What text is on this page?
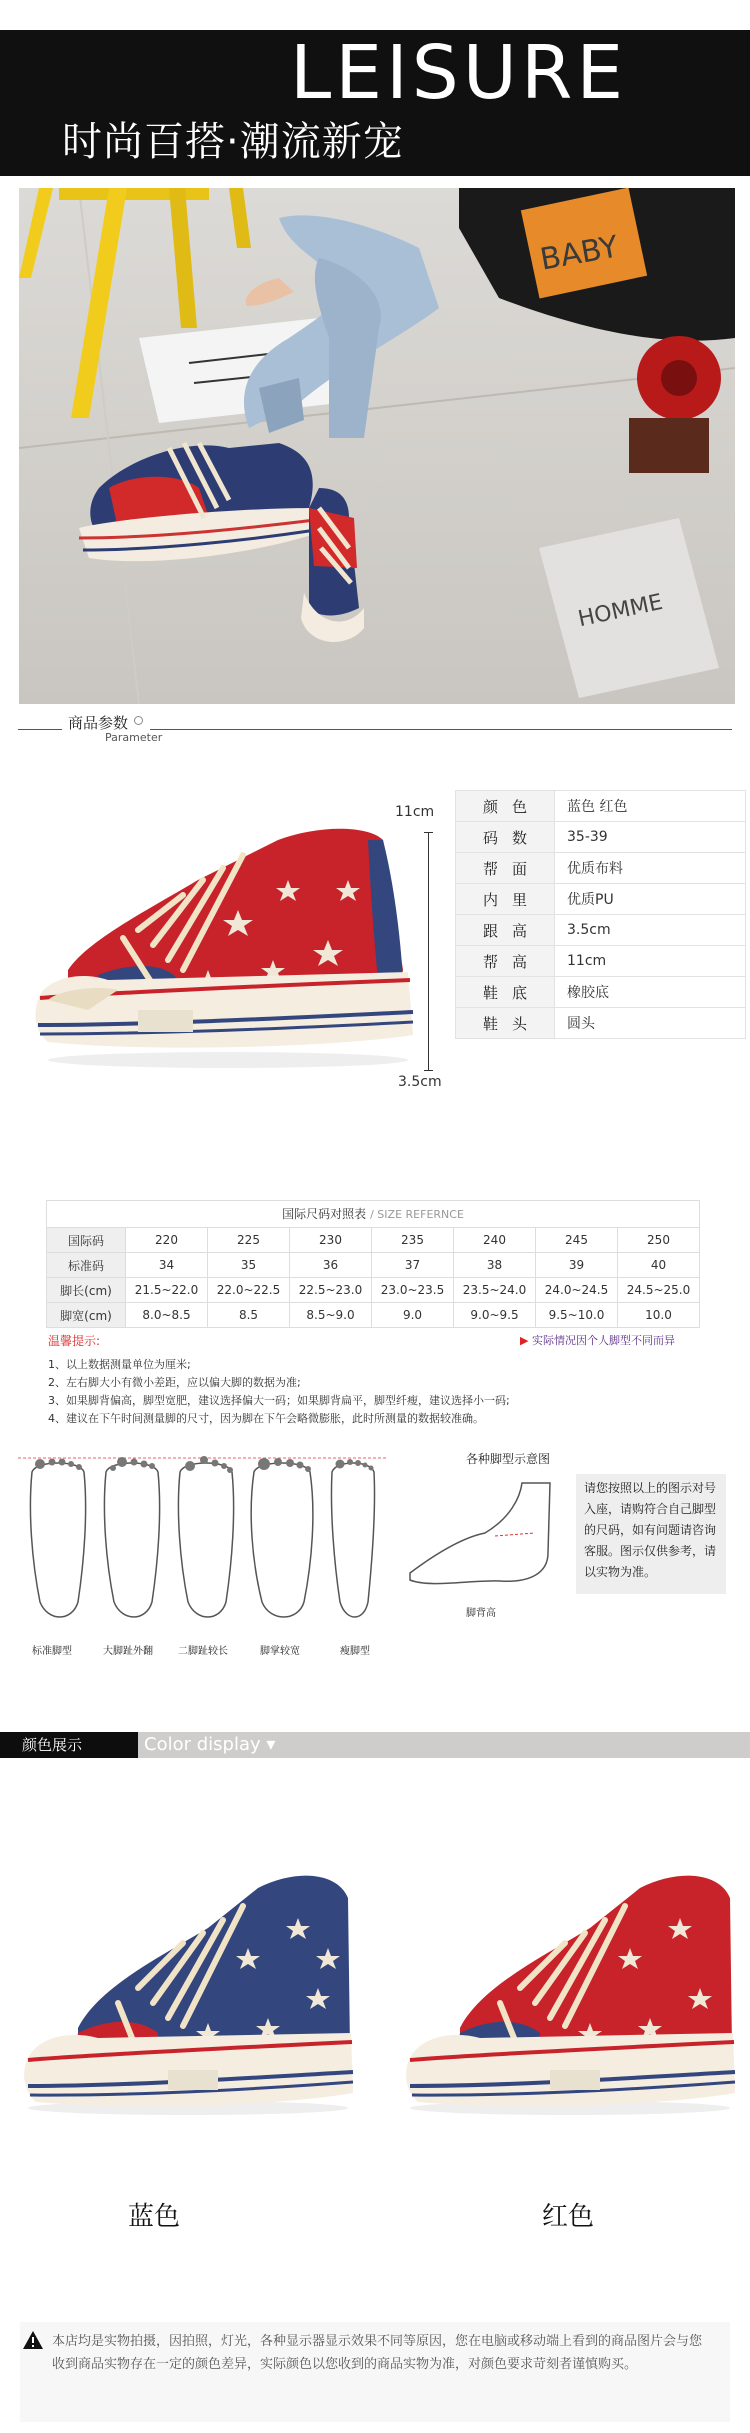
LEISURE
时尚百搭·潮流新宠
BABY
HOMME
商品参数
Parameter
11cm
3.5cm
颜色	蓝色 红色
码数	35-39
帮面	优质布料
内里	优质PU
跟高	3.5cm
帮高	11cm
鞋底	橡胶底
鞋头	圆头
国际尺码对照表 / SIZE REFERNCE
国际码	220	225	230	235	240	245	250
标准码	34	35	36	37	38	39	40
脚长(cm)	21.5~22.0	22.0~22.5	22.5~23.0	23.0~23.5	23.5~24.0	24.0~24.5	24.5~25.0
脚宽(cm)	8.0~8.5	8.5	8.5~9.0	9.0	9.0~9.5	9.5~10.0	10.0
温馨提示:	▶ 实际情况因个人脚型不同而异
1、以上数据测量单位为厘米;
2、左右脚大小有微小差距，应以偏大脚的数据为准;
3、如果脚背偏高，脚型宽肥，建议选择偏大一码；如果脚背扁平，脚型纤瘦，建议选择小一码;
4、建议在下午时间测量脚的尺寸，因为脚在下午会略微膨胀，此时所测量的数据较准确。
标准脚型	大脚趾外翻	二脚趾较长	脚掌较宽	瘦脚型
各种脚型示意图
脚背高
请您按照以上的图示对号入座，请购符合自己脚型的尺码，如有问题请咨询客服。图示仅供参考，请以实物为准。
颜色展示	Color display ▾
蓝色	红色
本店均是实物拍摄，因拍照，灯光，各种显示器显示效果不同等原因，您在电脑或移动端上看到的商品图片会与您收到商品实物存在一定的颜色差异，实际颜色以您收到的商品实物为准，对颜色要求苛刻者谨慎购买。
